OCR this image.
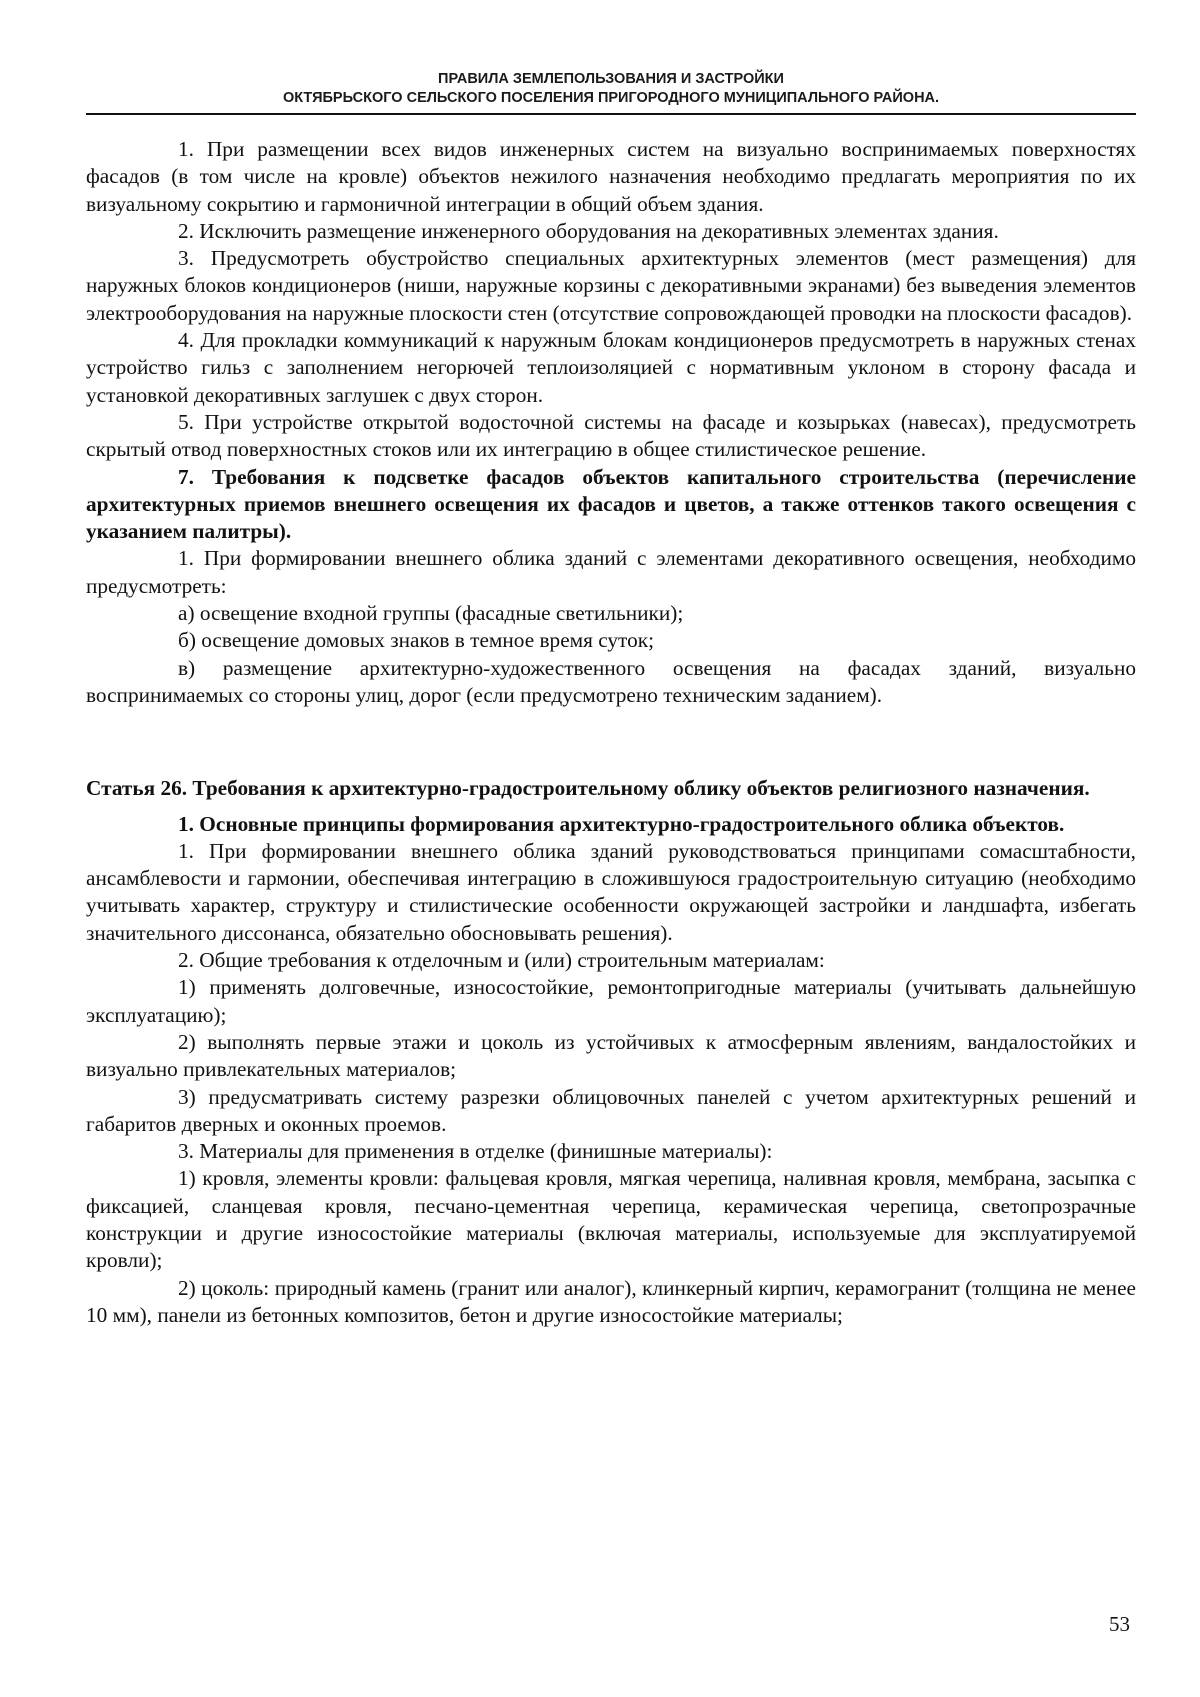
ПРАВИЛА ЗЕМЛЕПОЛЬЗОВАНИЯ И ЗАСТРОЙКИ
ОКТЯБРЬСКОГО СЕЛЬСКОГО ПОСЕЛЕНИЯ ПРИГОРОДНОГО МУНИЦИПАЛЬНОГО РАЙОНА.

1. При размещении всех видов инженерных систем на визуально воспринимаемых поверхностях фасадов (в том числе на кровле) объектов нежилого назначения необходимо предлагать мероприятия по их визуальному сокрытию и гармоничной интеграции в общий объем здания.

2. Исключить размещение инженерного оборудования на декоративных элементах здания.

3. Предусмотреть обустройство специальных архитектурных элементов (мест размещения) для наружных блоков кондиционеров (ниши, наружные корзины с декоративными экранами) без выведения элементов электрооборудования на наружные плоскости стен (отсутствие сопровождающей проводки на плоскости фасадов).

4. Для прокладки коммуникаций к наружным блокам кондиционеров предусмотреть в наружных стенах устройство гильз с заполнением негорючей теплоизоляцией с нормативным уклоном в сторону фасада и установкой декоративных заглушек с двух сторон.

5. При устройстве открытой водосточной системы на фасаде и козырьках (навесах), предусмотреть скрытый отвод поверхностных стоков или их интеграцию в общее стилистическое решение.

7. Требования к подсветке фасадов объектов капитального строительства (перечисление архитектурных приемов внешнего освещения их фасадов и цветов, а также оттенков такого освещения с указанием палитры).

1. При формировании внешнего облика зданий с элементами декоративного освещения, необходимо предусмотреть:

а) освещение входной группы (фасадные светильники);

б) освещение домовых знаков в темное время суток;

в) размещение архитектурно-художественного освещения на фасадах зданий, визуально воспринимаемых со стороны улиц, дорог (если предусмотрено техническим заданием).

Статья 26. Требования к архитектурно-градостроительному облику объектов религиозного назначения.

1. Основные принципы формирования архитектурно-градостроительного облика объектов.

1. При формировании внешнего облика зданий руководствоваться принципами сомасштабности, ансамблевости и гармонии, обеспечивая интеграцию в сложившуюся градостроительную ситуацию (необходимо учитывать характер, структуру и стилистические особенности окружающей застройки и ландшафта, избегать значительного диссонанса, обязательно обосновывать решения).

2. Общие требования к отделочным и (или) строительным материалам:

1) применять долговечные, износостойкие, ремонтопригодные материалы (учитывать дальнейшую эксплуатацию);

2) выполнять первые этажи и цоколь из устойчивых к атмосферным явлениям, вандалостойких и визуально привлекательных материалов;

3) предусматривать систему разрезки облицовочных панелей с учетом архитектурных решений и габаритов дверных и оконных проемов.

3. Материалы для применения в отделке (финишные материалы):

1) кровля, элементы кровли: фальцевая кровля, мягкая черепица, наливная кровля, мембрана, засыпка с фиксацией, сланцевая кровля, песчано-цементная черепица, керамическая черепица, светопрозрачные конструкции и другие износостойкие материалы (включая материалы, используемые для эксплуатируемой кровли);

2) цоколь: природный камень (гранит или аналог), клинкерный кирпич, керамогранит (толщина не менее 10 мм), панели из бетонных композитов, бетон и другие износостойкие материалы;

53
